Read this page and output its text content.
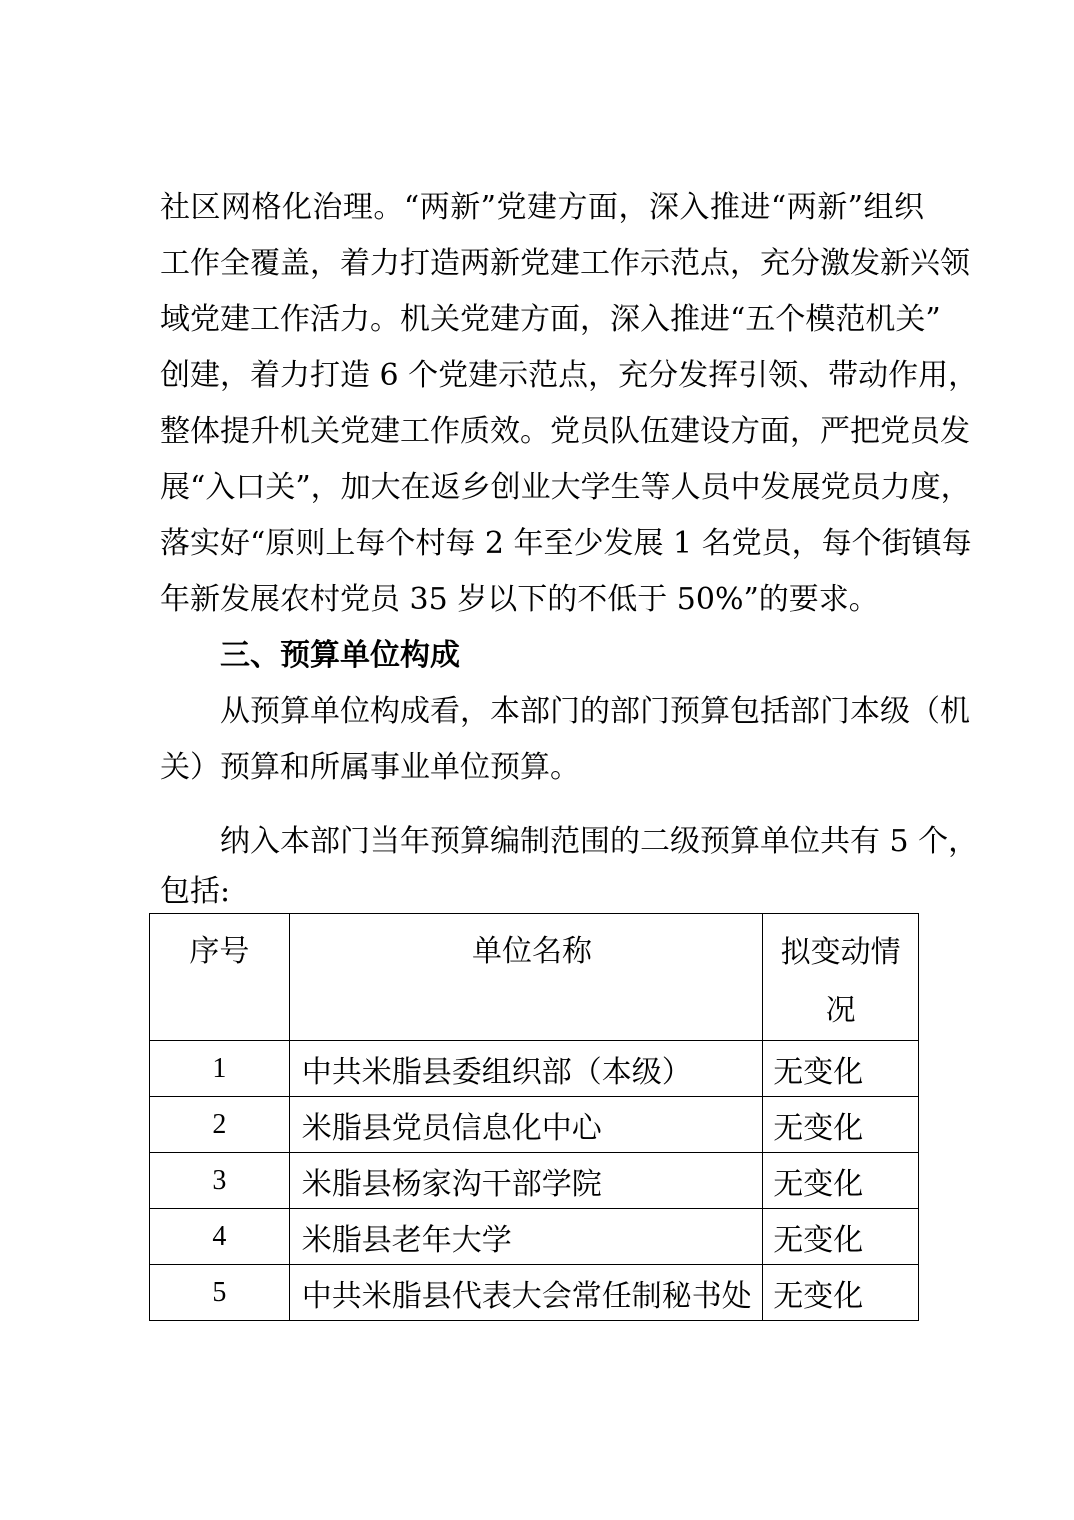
社区网格化治理。“两新”党建方面，深入推进“两新”组织
工作全覆盖，着力打造两新党建工作示范点，充分激发新兴领
域党建工作活力。机关党建方面，深入推进“五个模范机关”
创建，着力打造 6 个党建示范点，充分发挥引领、带动作用，
整体提升机关党建工作质效。党员队伍建设方面，严把党员发
展“入口关”，加大在返乡创业大学生等人员中发展党员力度，
落实好“原则上每个村每 2 年至少发展 1 名党员，每个街镇每
年新发展农村党员 35 岁以下的不低于 50%”的要求。
三、预算单位构成
从预算单位构成看，本部门的部门预算包括部门本级（机
关）预算和所属事业单位预算。
纳入本部门当年预算编制范围的二级预算单位共有 5 个，
包括:
序号	单位名称	拟变动情况
1	中共米脂县委组织部（本级）	无变化
2	米脂县党员信息化中心	无变化
3	米脂县杨家沟干部学院	无变化
4	米脂县老年大学	无变化
5	中共米脂县代表大会常任制秘书处	无变化
